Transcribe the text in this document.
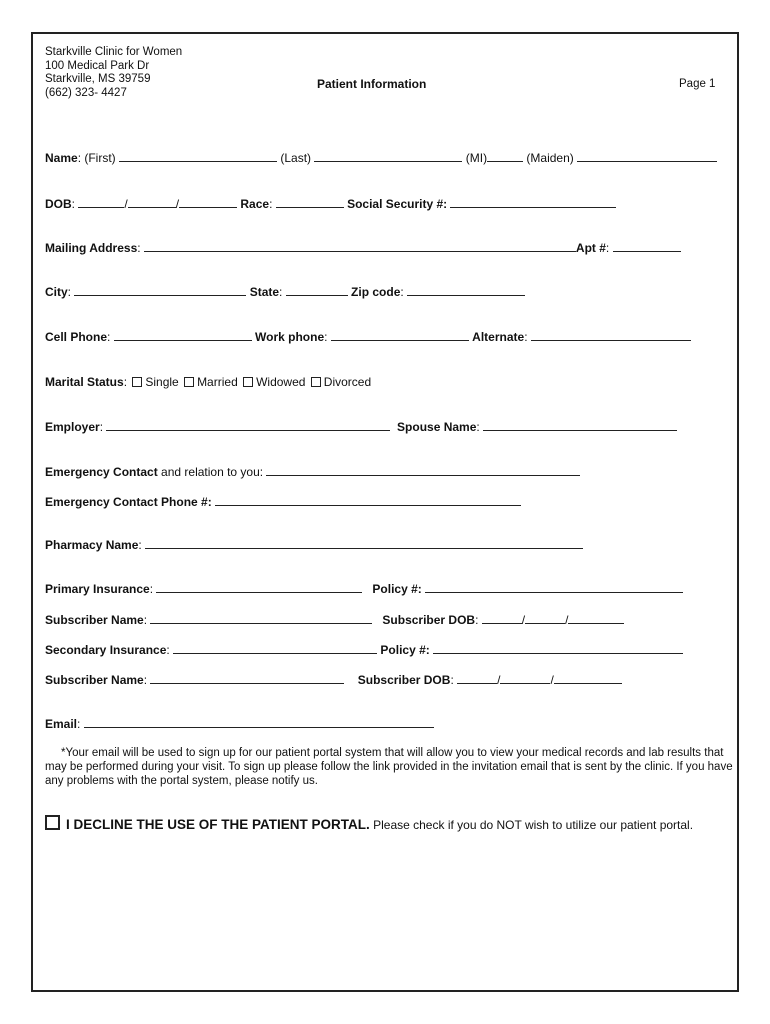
Starkville Clinic for Women
100 Medical Park Dr
Starkville, MS 39759
(662) 323- 4427
Patient Information	Page 1
Name: (First)	(Last)	(MI)	(Maiden)
DOB:	/	/	Race:	Social Security #:
Mailing Address:	Apt #:
City:	State:	Zip code:
Cell Phone:	Work phone:	Alternate:
Marital Status: Single Married Widowed Divorced
Employer:	Spouse Name:
Emergency Contact and relation to you:
Emergency Contact Phone #:
Pharmacy Name:
Primary Insurance:	Policy #:
Subscriber Name:	Subscriber DOB:	/	/
Secondary Insurance:	Policy #:
Subscriber Name:	Subscriber DOB:	/	/
Email:
*Your email will be used to sign up for our patient portal system that will allow you to view your medical records and lab results that may be performed during your visit. To sign up please follow the link provided in the invitation email that is sent by the clinic. If you have any problems with the portal system, please notify us.
I DECLINE THE USE OF THE PATIENT PORTAL. Please check if you do NOT wish to utilize our patient portal.
